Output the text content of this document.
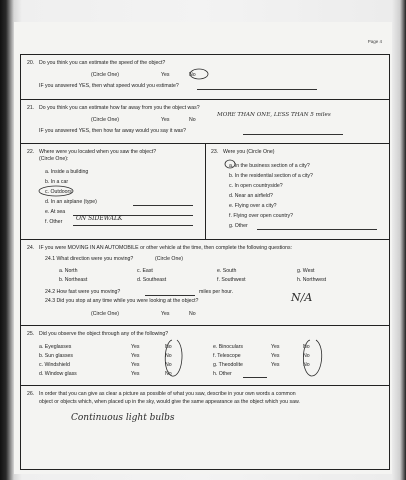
Page 4
20. Do you think you can estimate the speed of the object?
(Circle One)	Yes	No
IF you answered YES, then what speed would you estimate?
21. Do you think you can estimate how far away from you the object was?
(Circle One)	Yes	No
MORE THAN ONE, LESS THAN 5 miles
IF you answered YES, then how far away would you say it was?
22. Where were you located when you saw the object?
(Circle One):
a. Inside a building
b. In a car
c. Outdoors
d. In an airplane (type)
e. At sea
f. Other ON SIDEWALK
23. Were you (Circle One)
a. In the business section of a city?
b. In the residential section of a city?
c. In open countryside?
d. Near an airfield?
e. Flying over a city?
f. Flying over open country?
g. Other
24. IF you were MOVING IN AN AUTOMOBILE or other vehicle at the time, then complete the following questions:
24.1 What direction were you moving?	(Circle One)
a. North	c. East	e. South	g. West
b. Northeast	d. Southeast	f. Southwest	h. Northwest
24.2 How fast were you moving?	miles per hour.
24.3 Did you stop at any time while you were looking at the object?	N/A
(Circle One)	Yes	No
25. Did you observe the object through any of the following?
a. Eyeglasses	Yes	No
b. Sun glasses	Yes	No
c. Windshield	Yes	No
d. Window glass	Yes	No
e. Binoculars	Yes	No
f. Telescope	Yes	No
g. Theodolite	Yes	No
h. Other
26. In order that you can give as clear a picture as possible of what you saw, describe in your own words a common
object or objects which, when placed up in the sky, would give the same appearance as the object which you saw.
Continuous light bulbs
